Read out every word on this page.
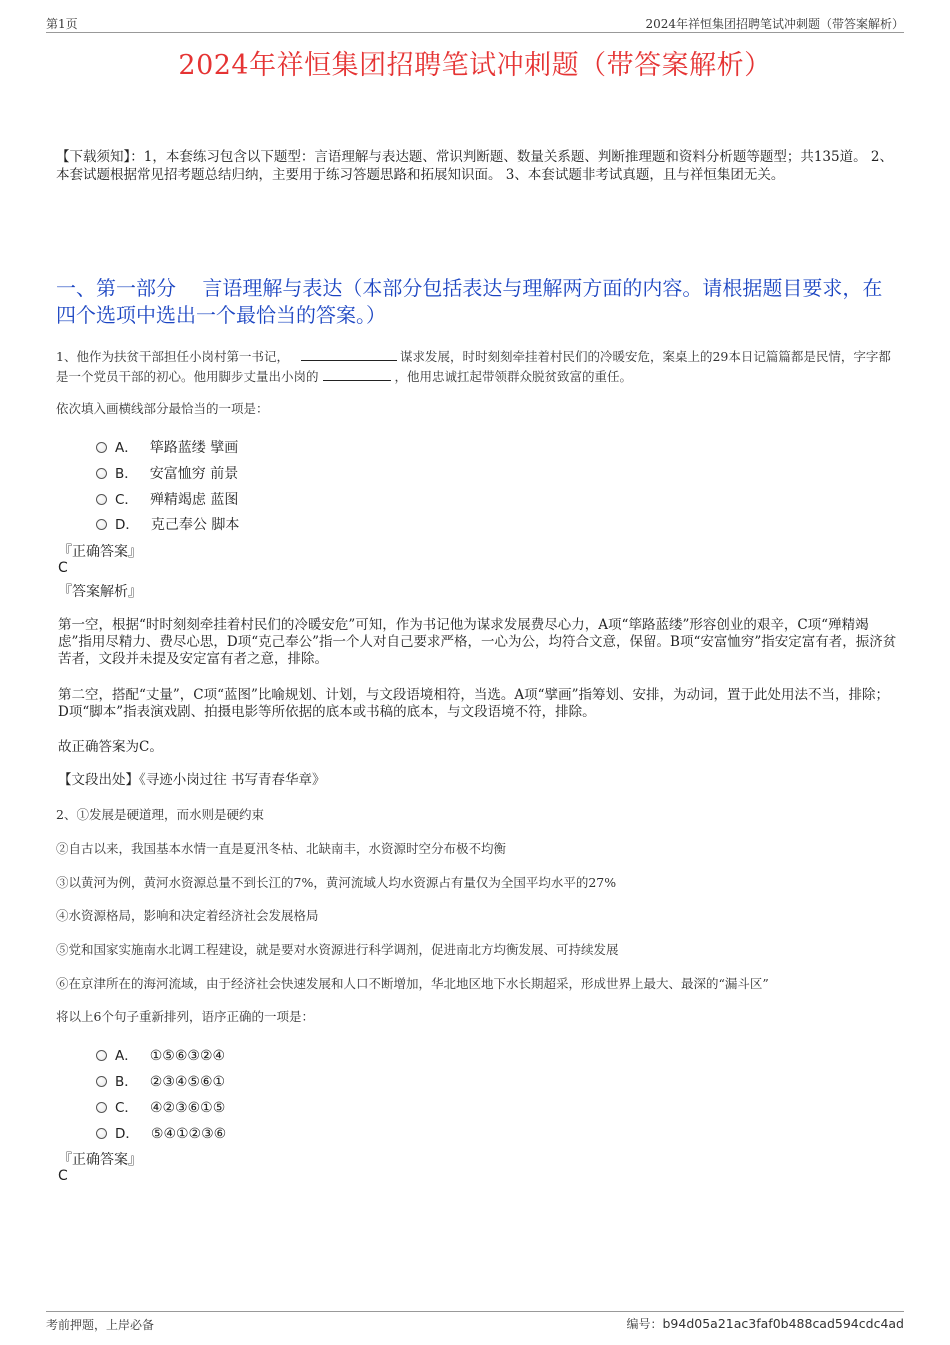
第1页	2024年祥恒集团招聘笔试冲刺题（带答案解析）
2024年祥恒集团招聘笔试冲刺题（带答案解析）
【下载须知】：1，本套练习包含以下题型：言语理解与表达题、常识判断题、数量关系题、判断推理题和资料分析题等题型；共135道。 2、本套试题根据常见招考题总结归纳，主要用于练习答题思路和拓展知识面。 3、本套试题非考试真题，且与祥恒集团无关。
一、第一部分　 言语理解与表达（本部分包括表达与理解两方面的内容。请根据题目要求，在四个选项中选出一个最恰当的答案。）
1、他作为扶贫干部担任小岗村第一书记，	谋求发展，时时刻刻牵挂着村民们的冷暖安危，案桌上的29本日记篇篇都是民情，字字都是一个党员干部的初心。他用脚步丈量出小岗的	，他用忠诚扛起带领群众脱贫致富的重任。
依次填入画横线部分最恰当的一项是：
A． 筚路蓝缕 擘画
B． 安富恤穷 前景
C． 殚精竭虑 蓝图
D． 克己奉公 脚本
『正确答案』
C
『答案解析』
第一空，根据“时时刻刻牵挂着村民们的冷暖安危”可知，作为书记他为谋求发展费尽心力，A项“筚路蓝缕”形容创业的艰辛，C项“殚精竭虑”指用尽精力、费尽心思，D项“克己奉公”指一个人对自己要求严格，一心为公，均符合文意，保留。B项“安富恤穷”指安定富有者，振济贫苦者，文段并未提及安定富有者之意，排除。
第二空，搭配“丈量”，C项“蓝图”比喻规划、计划，与文段语境相符，当选。A项“擘画”指筹划、安排，为动词，置于此处用法不当，排除；D项“脚本”指表演戏剧、拍摄电影等所依据的底本或书稿的底本，与文段语境不符，排除。
故正确答案为C。
【文段出处】《寻迹小岗过往 书写青春华章》
2、①发展是硬道理，而水则是硬约束
②自古以来，我国基本水情一直是夏汛冬枯、北缺南丰，水资源时空分布极不均衡
③以黄河为例，黄河水资源总量不到长江的7%，黄河流域人均水资源占有量仅为全国平均水平的27%
④水资源格局，影响和决定着经济社会发展格局
⑤党和国家实施南水北调工程建设，就是要对水资源进行科学调剂，促进南北方均衡发展、可持续发展
⑥在京津所在的海河流域，由于经济社会快速发展和人口不断增加，华北地区地下水长期超采，形成世界上最大、最深的“漏斗区”
将以上6个句子重新排列，语序正确的一项是：
A． ①⑤⑥③②④
B． ②③④⑤⑥①
C． ④②③⑥①⑤
D． ⑤④①②③⑥
『正确答案』
C
考前押题，上岸必备	编号：b94d05a21ac3faf0b488cad594cdc4ad
